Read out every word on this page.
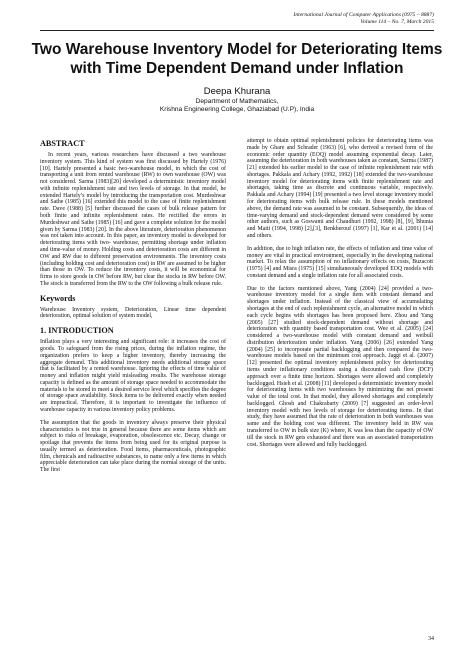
International Journal of Computer Applications (0975 – 8887)
Volume 114 – No. 7, March 2015
Two Warehouse Inventory Model for Deteriorating Items with Time Dependent Demand under Inflation
Deepa Khurana
Department of Mathematics,
Krishna Engineering College, Ghaziabad (U.P), India
ABSTRACT

In recent years, various researchers have discussed a two warehouse inventory system. This kind of system was first discussed by Hartely (1976) [10]. Hartely presented a basic two-warehouse model, in which the cost of transporting a unit from rented warehouse (RW) to own warehouse (OW) was not considered. Sarma (1983)[20] developed a deterministic inventory model with infinite replenishment rate and two levels of storage. In that model, he extended Hartely’s model by introducing the transportation cost. Murdeshwar and Sathe (1985) [16] extended this model to the case of finite replenishment rate. Dave (1988) [5] further discussed the cases of bulk release pattern for both finite and infinite replenishment rates. He rectified the errors in Murdeshwar and Sathe (1985) [16] and gave a complete solution for the model given by Sarma (1983) [20]. In the above literature, deterioration phenomenon was not taken into account. In this paper, an inventory model is developed for deteriorating items with two- warehouse, permitting shortage under inflation and time-value of money. Holding costs and deterioration costs are different in OW and RW due to different preservation environments. The inventory costs (including holding cost and deterioration cost) in RW are assumed to be higher than those in OW. To reduce the inventory costs, it will be economical for firms to store goods in OW before RW, but clear the stocks in RW before OW. The stock is transferred from the RW to the OW following a bulk release rule.

Keywords

Warehouse Inventory system, Deterioration, Linear time dependent deterioration, optimal solution of system model,

1. INTRODUCTION

Inflation plays a very interesting and significant role: it increases the cost of goods. To safeguard from the rising prices, during the inflation regime, the organization prefers to keep a higher inventory, thereby increasing the aggregate demand. This additional inventory needs additional storage space that is facilitated by a rented warehouse. Ignoring the effects of time value of money and inflation might yield misleading results. The warehouse storage capacity is defined as the amount of storage space needed to accommodate the materials to be stored to meet a desired service level which specifies the degree of storage space availability. Stock items to be delivered exactly when needed are impractical. Therefore, it is important to investigate the influence of warehouse capacity in various inventory policy problems.

The assumption that the goods in inventory always preserve their physical characteristics is not true in general because there are some items which are subject to risks of breakage, evaporation, obsolescence etc. Decay, change or spoilage that prevents the items from being used for its original purpose is usually termed as deterioration. Food items, pharmaceuticals, photographic film, chemicals and radioactive substances, to name only a few items in which appreciable deterioration can take place during the normal storage of the units. The first

attempt to obtain optimal replenishment policies for deteriorating items was made by Ghare and Schrader (1963) [6], who derived a revised form of the economic order quantity (EOQ) model assuming exponential decay. Later, assuming the deterioration in both warehouses taken as constant, Sarma (1987) [21] extended his earlier model to the case of infinite replenishment rate with shortages. Pakkala and Achary (1992, 1992) [18] extended the two-warehouse inventory model for deteriorating items with finite replenishment rate and shortages, taking time as discrete and continuous variable, respectively. Pakkala and Achary (1994) [19] presented a two level storage inventory model for deteriorating items with bulk release rule. In these models mentioned above, the demand rate was assumed to be constant. Subsequently, the ideas of time-varying demand and stock-dependent demand were considered by some other authors, such as Goswami and Chaudhuri (1992, 1998) [8], [9], Bhunia and Maiti (1994, 1998) [2],[3], Benkherouf (1997) [1], Kar et al. (2001) [14] and others.

In addition, due to high inflation rate, the effects of inflation and time value of money are vital in practical environment, especially in the developing national market. To relax the assumption of no inflationary effects on costs, Buzacott (1975) [4] and Misra (1975) [15] simultaneously developed EOQ models with constant demand and a single inflation rate for all associated costs.

Due to the factors mentioned above, Yang (2004) [24] provided a two-warehouse inventory model for a single item with constant demand and shortages under inflation. Instead of the classical view of accumulating shortages at the end of each replenishment cycle, an alternative model in which each cycle begins with shortages has been proposed here. Zhou and Yang (2005) [27] studied stock-dependent demand without shortage and deterioration with quantity based transportation cost. Wee et al. (2005) [24] considered a two-warehouse model with constant demand and weibull distribution deterioration under inflation. Yang (2006) [26] extended Yang (2004) [25] to incorporate partial backlogging and then compared the two-warehouse models based on the minimum cost approach. Jaggi et al. (2007)[12] presented the optimal inventory replenishment policy for deteriorating items under inflationary conditions using a discounted cash flow (DCF) approach over a finite time horizon. Shortages were allowed and completely backlogged. Hsieh et al. (2008) [11] developed a deterministic inventory model for deteriorating items with two warehouses by minimizing the net present value of the total cost. In that model, they allowed shortages and completely backlogged. Ghosh and Chakrabarty (2009) [7] suggested an order-level inventory model with two levels of storage for deteriorating items. In that study, they have assumed that the rate of deterioration in both warehouses was same and the holding cost was different. The inventory held in RW was transferred to OW in bulk size (K) where, K was less than the capacity of OW till the stock in RW gets exhausted and there was an associated transportation cost. Shortages were allowed and fully backlogged.

34
